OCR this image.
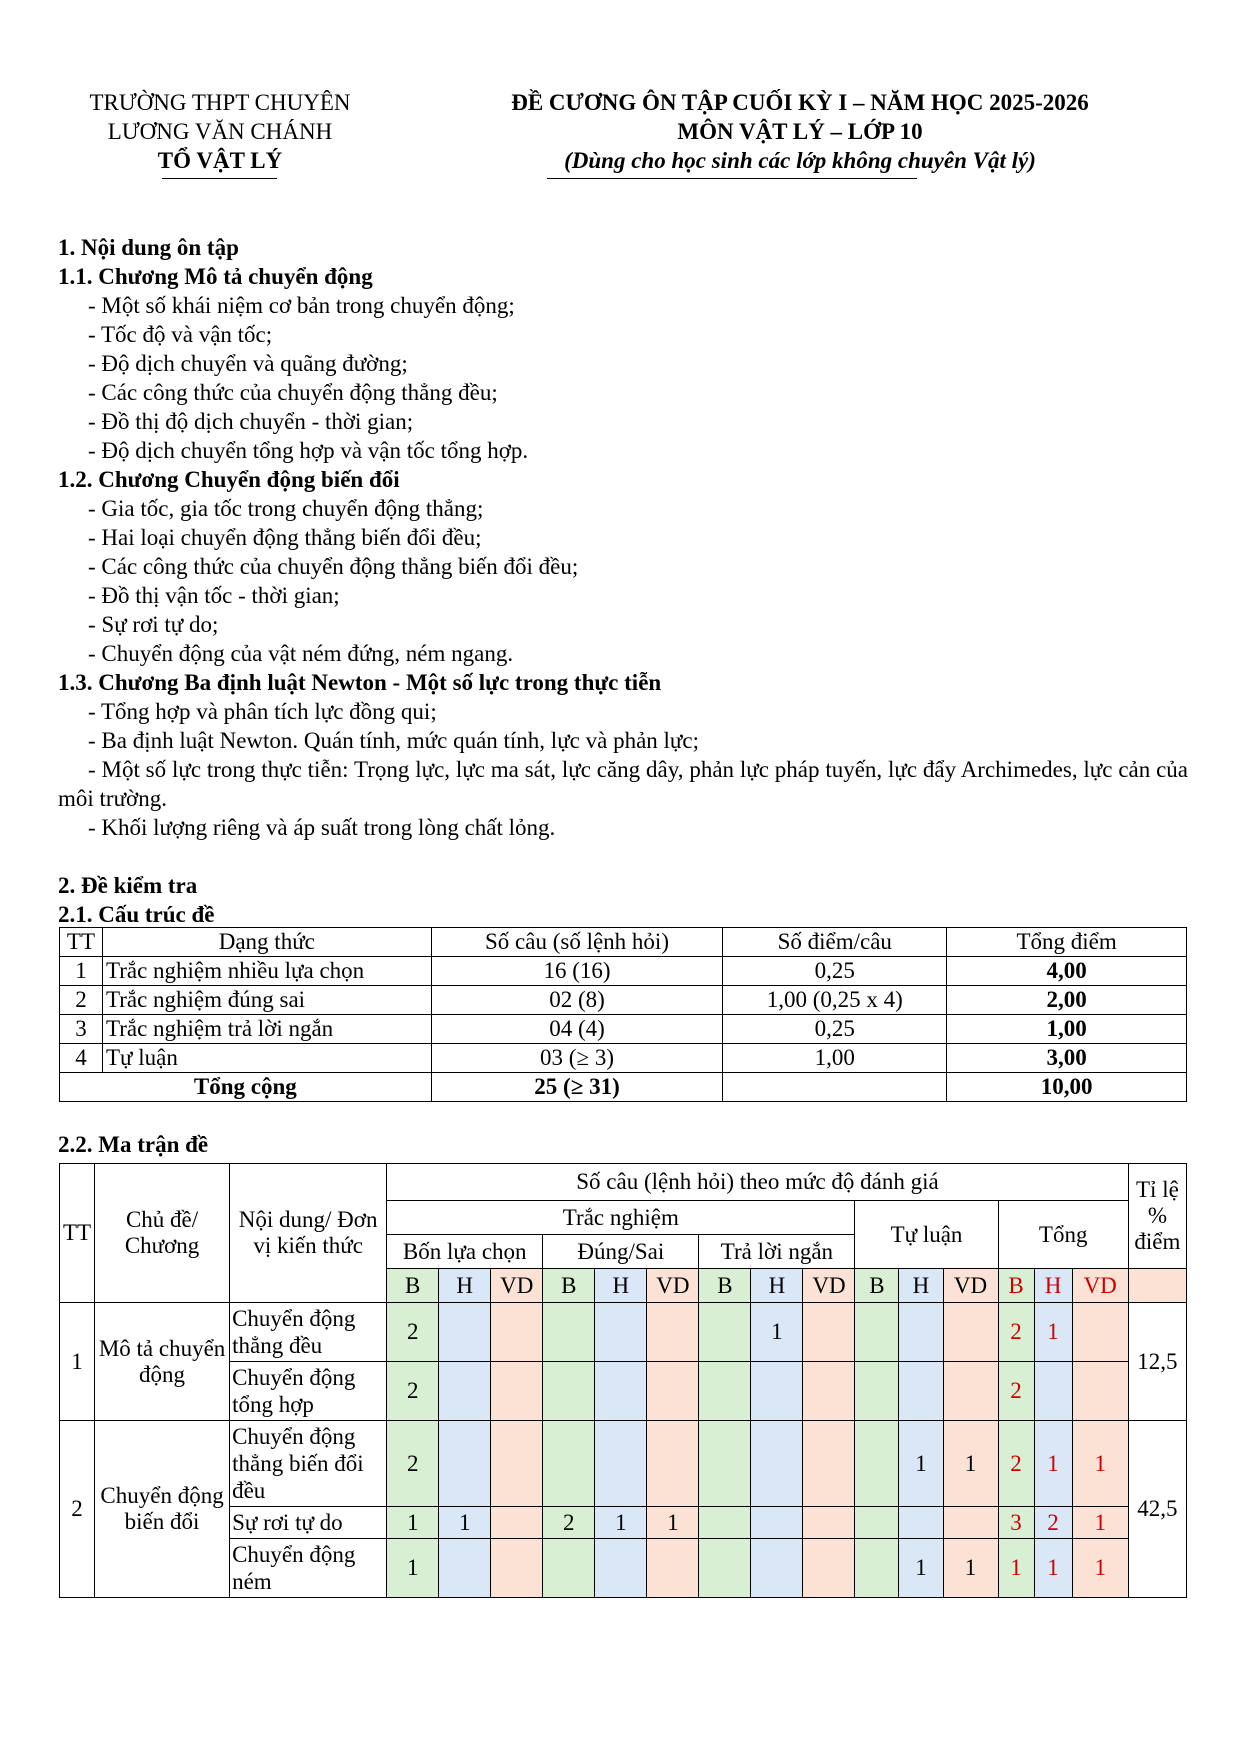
TRƯỜNG THPT CHUYÊN
LƯƠNG VĂN CHÁNH
TỔ VẬT LÝ
ĐỀ CƯƠNG ÔN TẬP CUỐI KỲ I – NĂM HỌC 2025-2026
MÔN VẬT LÝ – LỚP 10
(Dùng cho học sinh các lớp không chuyên Vật lý)
1. Nội dung ôn tập
1.1. Chương Mô tả chuyển động
- Một số khái niệm cơ bản trong chuyển động;
- Tốc độ và vận tốc;
- Độ dịch chuyển và quãng đường;
- Các công thức của chuyển động thẳng đều;
- Đồ thị độ dịch chuyển - thời gian;
- Độ dịch chuyển tổng hợp và vận tốc tổng hợp.
1.2. Chương Chuyển động biến đổi
- Gia tốc, gia tốc trong chuyển động thẳng;
- Hai loại chuyển động thẳng biến đổi đều;
- Các công thức của chuyển động thẳng biến đổi đều;
- Đồ thị vận tốc - thời gian;
- Sự rơi tự do;
- Chuyển động của vật ném đứng, ném ngang.
1.3. Chương Ba định luật Newton - Một số lực trong thực tiễn
- Tổng hợp và phân tích lực đồng qui;
- Ba định luật Newton. Quán tính, mức quán tính, lực và phản lực;
- Một số lực trong thực tiễn: Trọng lực, lực ma sát, lực căng dây, phản lực pháp tuyến, lực đẩy Archimedes, lực cản của môi trường.
- Khối lượng riêng và áp suất trong lòng chất lỏng.
2. Đề kiểm tra
2.1. Cấu trúc đề
TT	Dạng thức	Số câu (số lệnh hỏi)	Số điểm/câu	Tổng điểm
1	Trắc nghiệm nhiều lựa chọn	16 (16)	0,25	4,00
2	Trắc nghiệm đúng sai	02 (8)	1,00 (0,25 x 4)	2,00
3	Trắc nghiệm trả lời ngắn	04 (4)	0,25	1,00
4	Tự luận	03 (≥ 3)	1,00	3,00
Tổng cộng		25 (≥ 31)		10,00
2.2. Ma trận đề
TT	Chủ đề/ Chương	Nội dung/ Đơn vị kiến thức	Số câu (lệnh hỏi) theo mức độ đánh giá															Tỉ lệ % điểm
			Trắc nghiệm									Tự luận			Tổng			
			Bốn lựa chọn			Đúng/Sai			Trả lời ngắn									
			B	H	VD	B	H	VD	B	H	VD	B	H	VD	B	H	VD	
1	Mô tả chuyển động	Chuyển động thẳng đều	2							1					2	1		12,5
		Chuyển động tổng hợp	2												2			
2	Chuyển động biến đổi	Chuyển động thẳng biến đổi đều	2										1	1	2	1	1	42,5
		Sự rơi tự do	1	1		2	1	1							3	2	1	
		Chuyển động ném	1										1	1	1	1	1	
